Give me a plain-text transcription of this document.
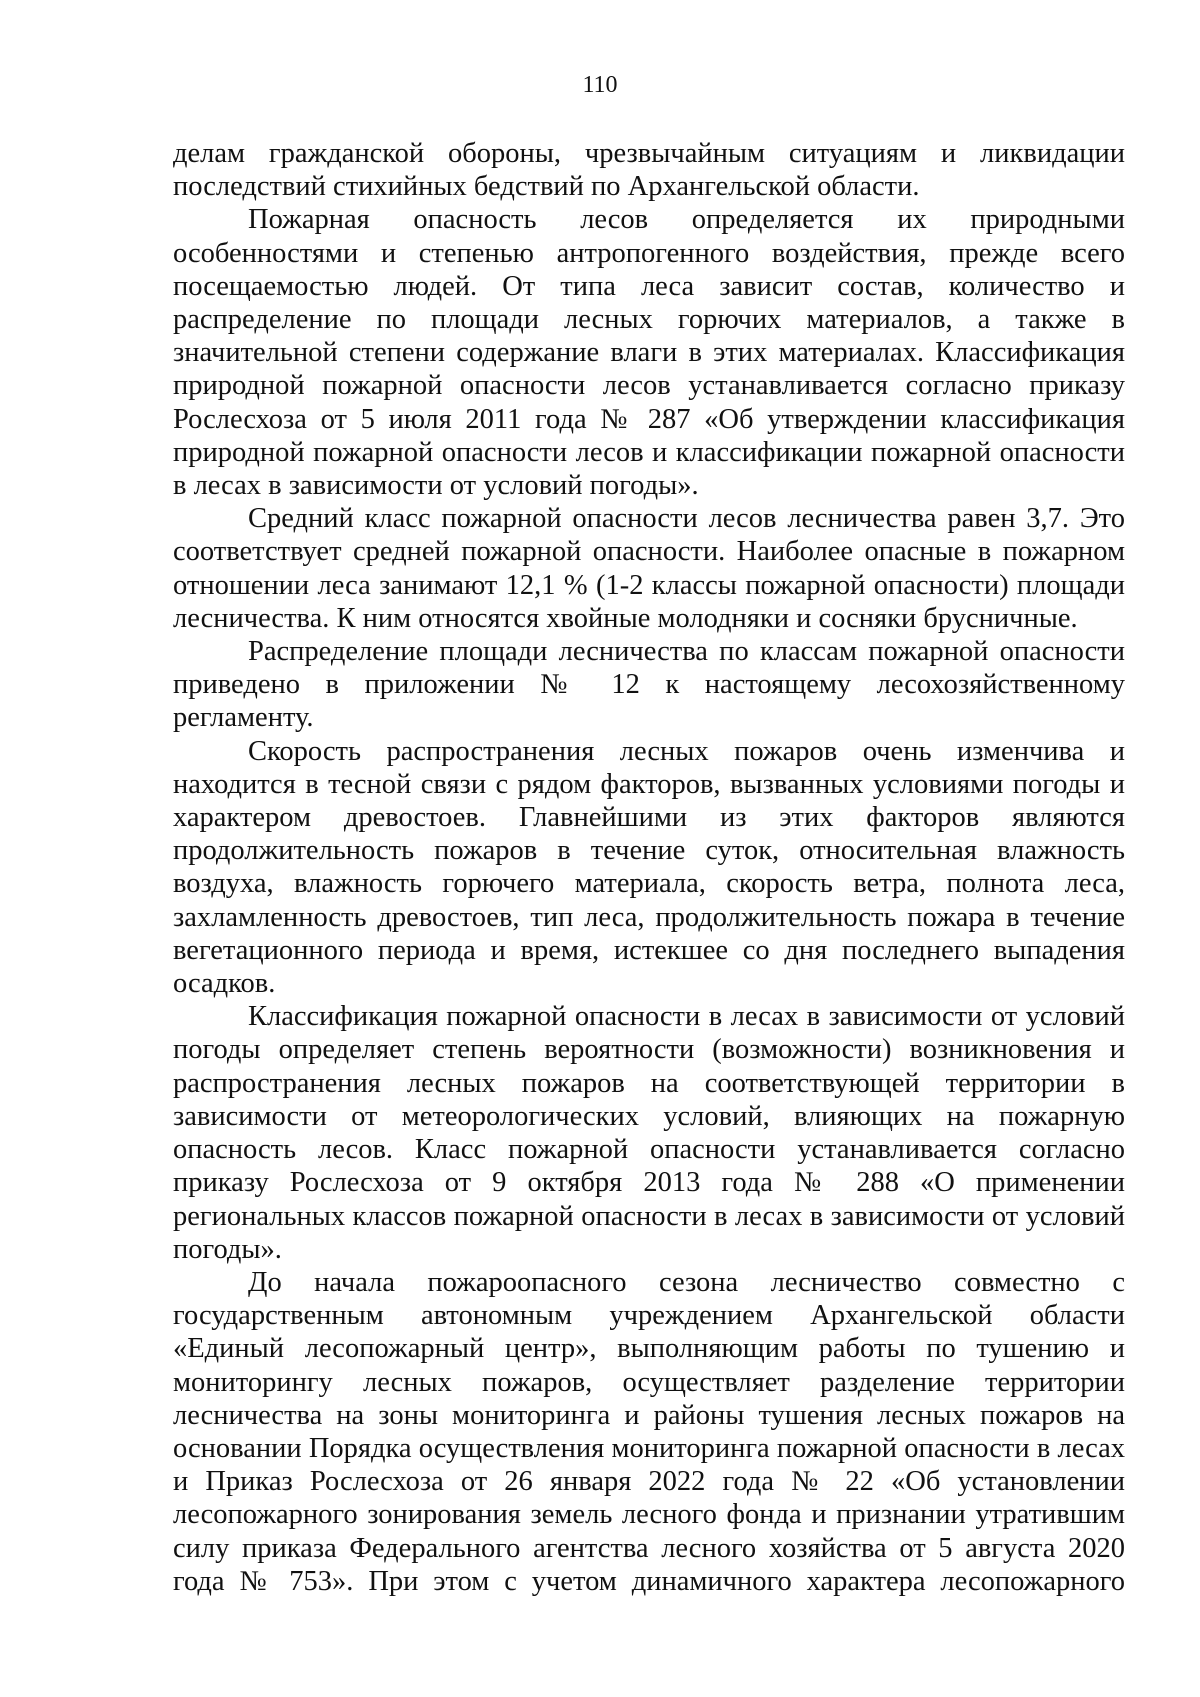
110
делам гражданской обороны, чрезвычайным ситуациям и ликвидации
последствий стихийных бедствий по Архангельской области.
Пожарная опасность лесов определяется их природными
особенностями и степенью антропогенного воздействия, прежде всего
посещаемостью людей. От типа леса зависит состав, количество и
распределение по площади лесных горючих материалов, а также в
значительной степени содержание влаги в этих материалах. Классификация
природной пожарной опасности лесов устанавливается согласно приказу
Рослесхоза от 5 июля 2011 года № 287 «Об утверждении классификация
природной пожарной опасности лесов и классификации пожарной опасности
в лесах в зависимости от условий погоды».
Средний класс пожарной опасности лесов лесничества равен 3,7. Это
соответствует средней пожарной опасности. Наиболее опасные в пожарном
отношении леса занимают 12,1 % (1-2 классы пожарной опасности) площади
лесничества. К ним относятся хвойные молодняки и сосняки брусничные.
Распределение площади лесничества по классам пожарной опасности
приведено в приложении № 12 к настоящему лесохозяйственному
регламенту.
Скорость распространения лесных пожаров очень изменчива и
находится в тесной связи с рядом факторов, вызванных условиями погоды и
характером древостоев. Главнейшими из этих факторов являются
продолжительность пожаров в течение суток, относительная влажность
воздуха, влажность горючего материала, скорость ветра, полнота леса,
захламленность древостоев, тип леса, продолжительность пожара в течение
вегетационного периода и время, истекшее со дня последнего выпадения
осадков.
Классификация пожарной опасности в лесах в зависимости от условий
погоды определяет степень вероятности (возможности) возникновения и
распространения лесных пожаров на соответствующей территории в
зависимости от метеорологических условий, влияющих на пожарную
опасность лесов. Класс пожарной опасности устанавливается согласно
приказу Рослесхоза от 9 октября 2013 года № 288 «О применении
региональных классов пожарной опасности в лесах в зависимости от условий
погоды».
До начала пожароопасного сезона лесничество совместно с
государственным автономным учреждением Архангельской области
«Единый лесопожарный центр», выполняющим работы по тушению и
мониторингу лесных пожаров, осуществляет разделение территории
лесничества на зоны мониторинга и районы тушения лесных пожаров на
основании Порядка осуществления мониторинга пожарной опасности в лесах
и Приказ Рослесхоза от 26 января 2022 года № 22 «Об установлении
лесопожарного зонирования земель лесного фонда и признании утратившим
силу приказа Федерального агентства лесного хозяйства от 5 августа 2020
года № 753». При этом с учетом динамичного характера лесопожарного
